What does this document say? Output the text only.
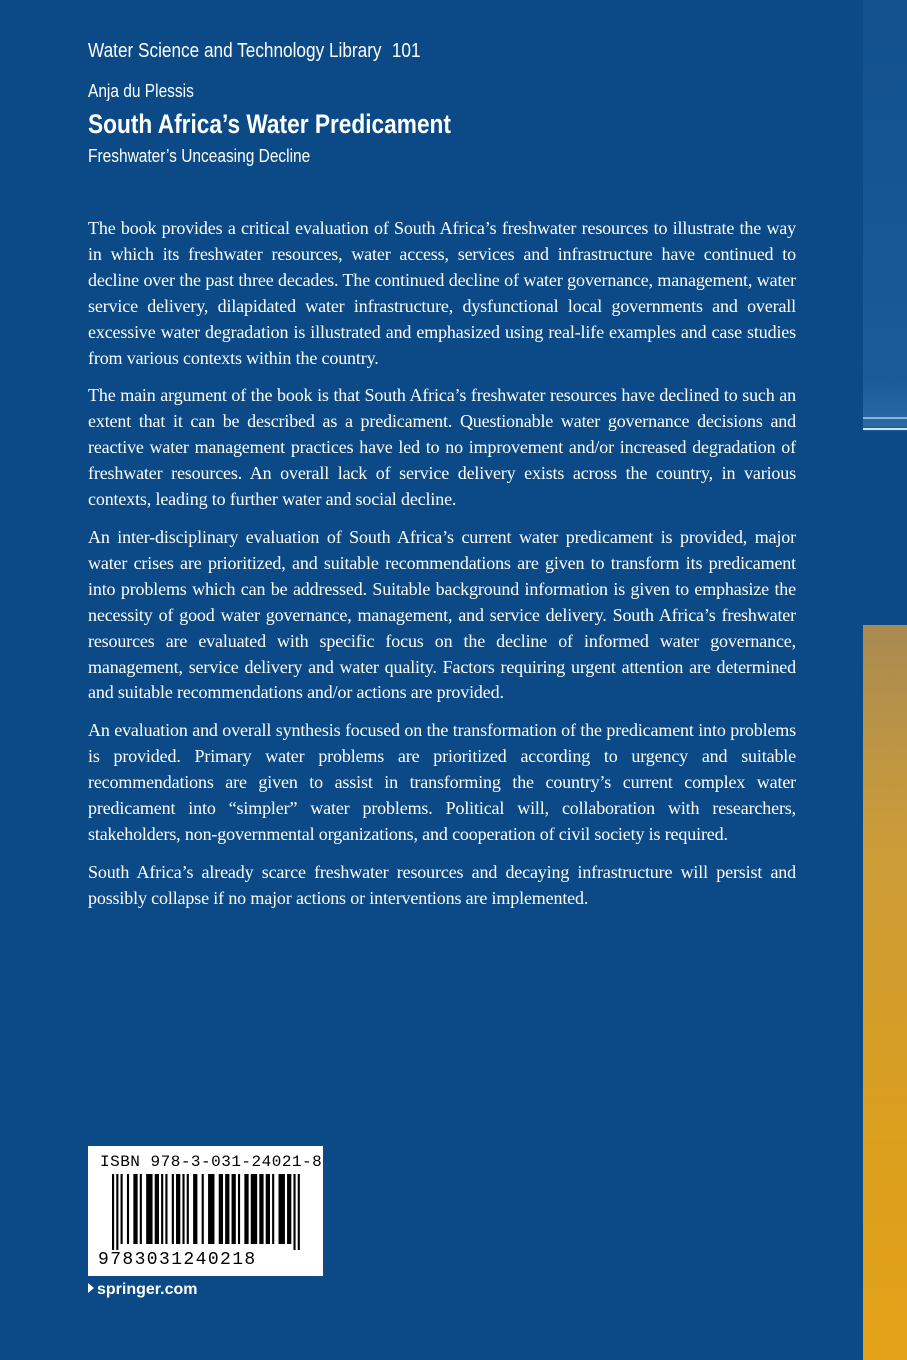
Water Science and Technology Library 101
Anja du Plessis
South Africa’s Water Predicament
Freshwater’s Unceasing Decline

The book provides a critical evaluation of South Africa’s freshwater resources to illustrate the way in which its freshwater resources, water access, services and infrastructure have continued to decline over the past three decades. The continued decline of water governance, management, water service delivery, dilapidated water infrastructure, dysfunctional local governments and overall excessive water degradation is illustrated and emphasized using real-life examples and case studies from various contexts within the country.

The main argument of the book is that South Africa’s freshwater resources have declined to such an extent that it can be described as a predicament. Questionable water governance decisions and reactive water management practices have led to no improvement and/or increased degradation of freshwater resources. An overall lack of service delivery exists across the country, in various contexts, leading to further water and social decline.

An inter-disciplinary evaluation of South Africa’s current water predicament is provided, major water crises are prioritized, and suitable recommendations are given to transform its predicament into problems which can be addressed. Suitable background information is given to emphasize the necessity of good water governance, management, and service delivery. South Africa’s freshwater resources are evaluated with specific focus on the decline of informed water governance, management, service delivery and water quality. Factors requiring urgent attention are determined and suitable recommendations and/or actions are provided.

An evaluation and overall synthesis focused on the transformation of the predicament into problems is provided. Primary water problems are prioritized according to urgency and suitable recommendations are given to assist in transforming the country’s current complex water predicament into “simpler” water problems. Political will, collaboration with researchers, stakeholders, non-governmental organizations, and cooperation of civil society is required.

South Africa’s already scarce freshwater resources and decaying infrastructure will persist and possibly collapse if no major actions or interventions are implemented.

ISBN 978-3-031-24021-8
9783031240218
springer.com
